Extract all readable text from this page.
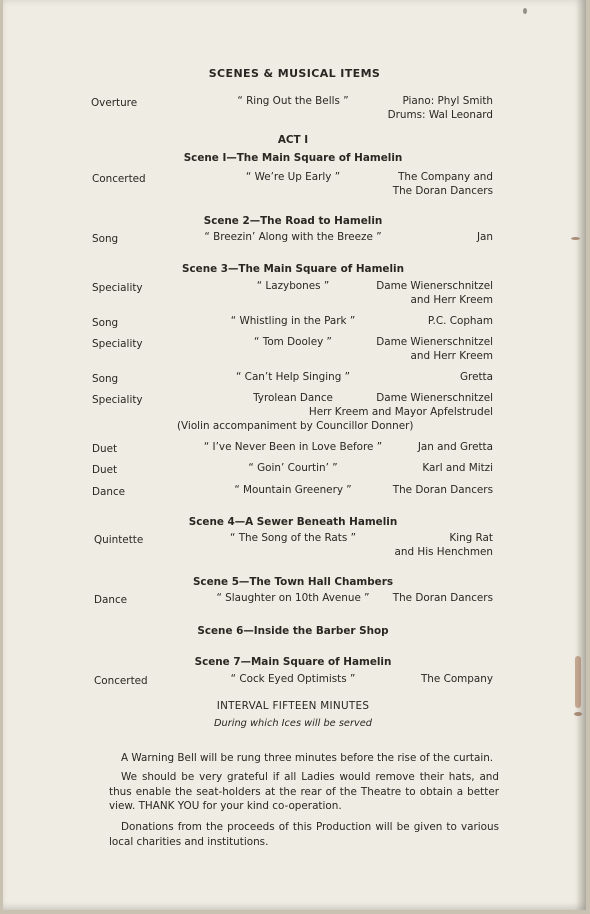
SCENES & MUSICAL ITEMS
Overture	“ Ring Out the Bells ”	Piano: Phyl Smith
Drums: Wal Leonard
ACT I
Scene I—The Main Square of Hamelin
Concerted	“ We’re Up Early ”	The Company and
The Doran Dancers
Scene 2—The Road to Hamelin
Song	“ Breezin’ Along with the Breeze ”	Jan
Scene 3—The Main Square of Hamelin
Speciality	“ Lazybones ”	Dame Wienerschnitzel
and Herr Kreem
Song	“ Whistling in the Park ”	P.C. Copham
Speciality	“ Tom Dooley ”	Dame Wienerschnitzel
and Herr Kreem
Song	“ Can’t Help Singing ”	Gretta
Speciality	Tyrolean Dance	Dame Wienerschnitzel
Herr Kreem and Mayor Apfelstrudel
(Violin accompaniment by Councillor Donner)
Duet	“ I’ve Never Been in Love Before ”	Jan and Gretta
Duet	“ Goin’ Courtin’ ”	Karl and Mitzi
Dance	“ Mountain Greenery ”	The Doran Dancers
Scene 4—A Sewer Beneath Hamelin
Quintette	“ The Song of the Rats ”	King Rat
and His Henchmen
Scene 5—The Town Hall Chambers
Dance	“ Slaughter on 10th Avenue ”	The Doran Dancers
Scene 6—Inside the Barber Shop
Scene 7—Main Square of Hamelin
Concerted	“ Cock Eyed Optimists ”	The Company
INTERVAL FIFTEEN MINUTES
During which Ices will be served
A Warning Bell will be rung three minutes before the rise of the curtain.
We should be very grateful if all Ladies would remove their hats, and thus enable the seat-holders at the rear of the Theatre to obtain a better view. THANK YOU for your kind co-operation.
Donations from the proceeds of this Production will be given to various local charities and institutions.
